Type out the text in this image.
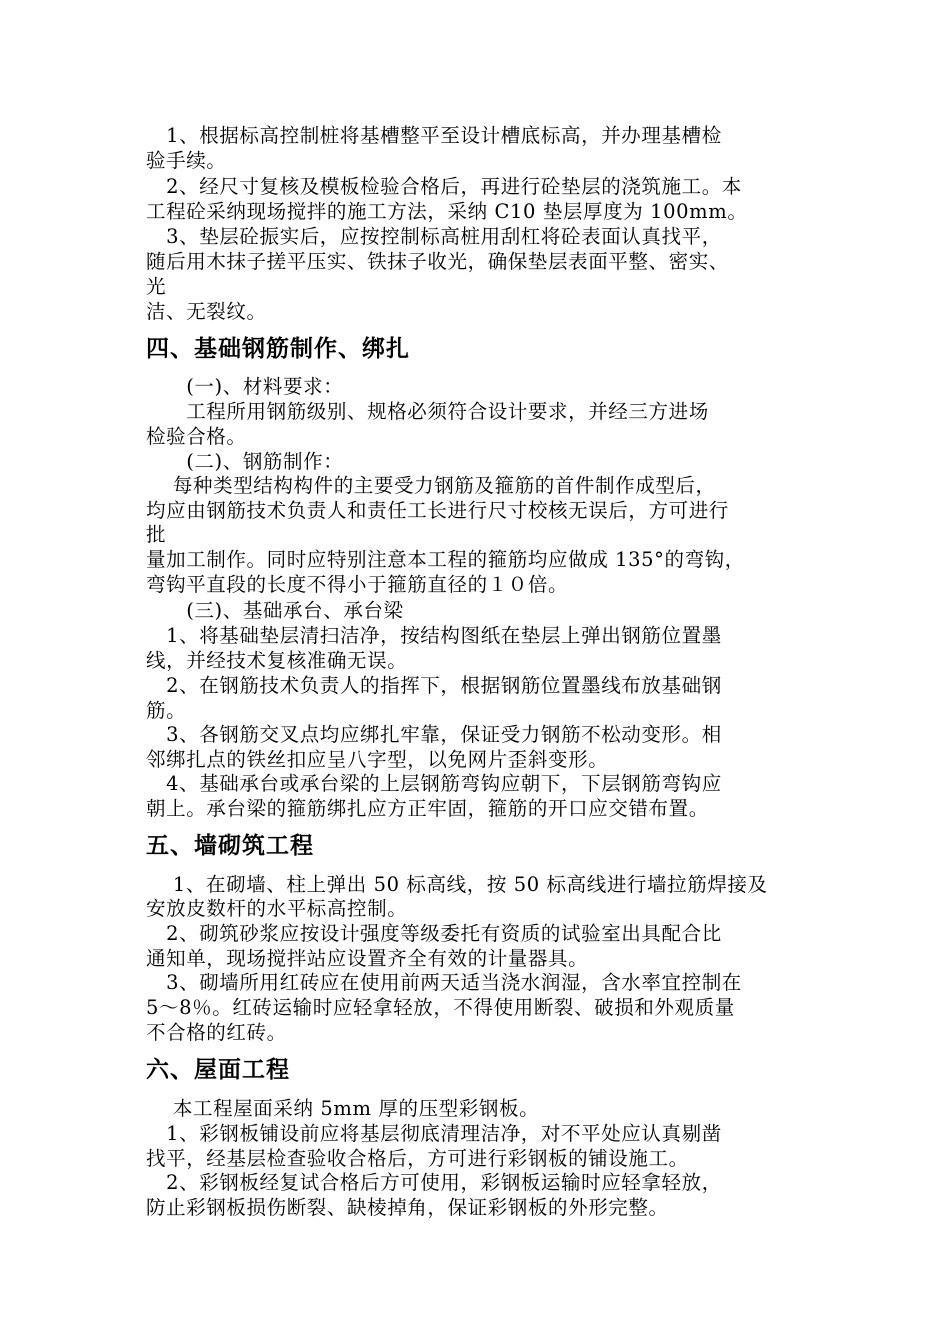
　1、根据标高控制桩将基槽整平至设计槽底标高，并办理基槽检
验手续。
　2、经尺寸复核及模板检验合格后，再进行砼垫层的浇筑施工。本
工程砼采纳现场搅拌的施工方法，采纳 C10 垫层厚度为 100mm。
　3、垫层砼振实后，应按控制标高桩用刮杠将砼表面认真找平，
随后用木抹子搓平压实、铁抹子收光，确保垫层表面平整、密实、
光
洁、无裂纹。
四、基础钢筋制作、绑扎
　　(一)、材料要求：
　　工程所用钢筋级别、规格必须符合设计要求，并经三方进场
检验合格。
　　(二)、钢筋制作：
　 每种类型结构构件的主要受力钢筋及箍筋的首件制作成型后，
均应由钢筋技术负责人和责任工长进行尺寸校核无误后，方可进行
批
量加工制作。同时应特别注意本工程的箍筋均应做成 135°的弯钩，
弯钩平直段的长度不得小于箍筋直径的１０倍。
　　(三)、基础承台、承台梁
　1、将基础垫层清扫洁净，按结构图纸在垫层上弹出钢筋位置墨
线，并经技术复核准确无误。
　2、在钢筋技术负责人的指挥下，根据钢筋位置墨线布放基础钢
筋。
　3、各钢筋交叉点均应绑扎牢靠，保证受力钢筋不松动变形。相
邻绑扎点的铁丝扣应呈八字型，以免网片歪斜变形。
　4、基础承台或承台梁的上层钢筋弯钩应朝下，下层钢筋弯钩应
朝上。承台梁的箍筋绑扎应方正牢固，箍筋的开口应交错布置。
五、墙砌筑工程
　 1、在砌墙、柱上弹出 50 标高线，按 50 标高线进行墙拉筋焊接及
安放皮数杆的水平标高控制。
　2、砌筑砂浆应按设计强度等级委托有资质的试验室出具配合比
通知单，现场搅拌站应设置齐全有效的计量器具。
　3、砌墙所用红砖应在使用前两天适当浇水润湿，含水率宜控制在
5～8％。红砖运输时应轻拿轻放，不得使用断裂、破损和外观质量
不合格的红砖。
六、屋面工程
　 本工程屋面采纳 5mm 厚的压型彩钢板。
　1、彩钢板铺设前应将基层彻底清理洁净，对不平处应认真剔凿
找平，经基层检查验收合格后，方可进行彩钢板的铺设施工。
　2、彩钢板经复试合格后方可使用，彩钢板运输时应轻拿轻放，
防止彩钢板损伤断裂、缺棱掉角，保证彩钢板的外形完整。
